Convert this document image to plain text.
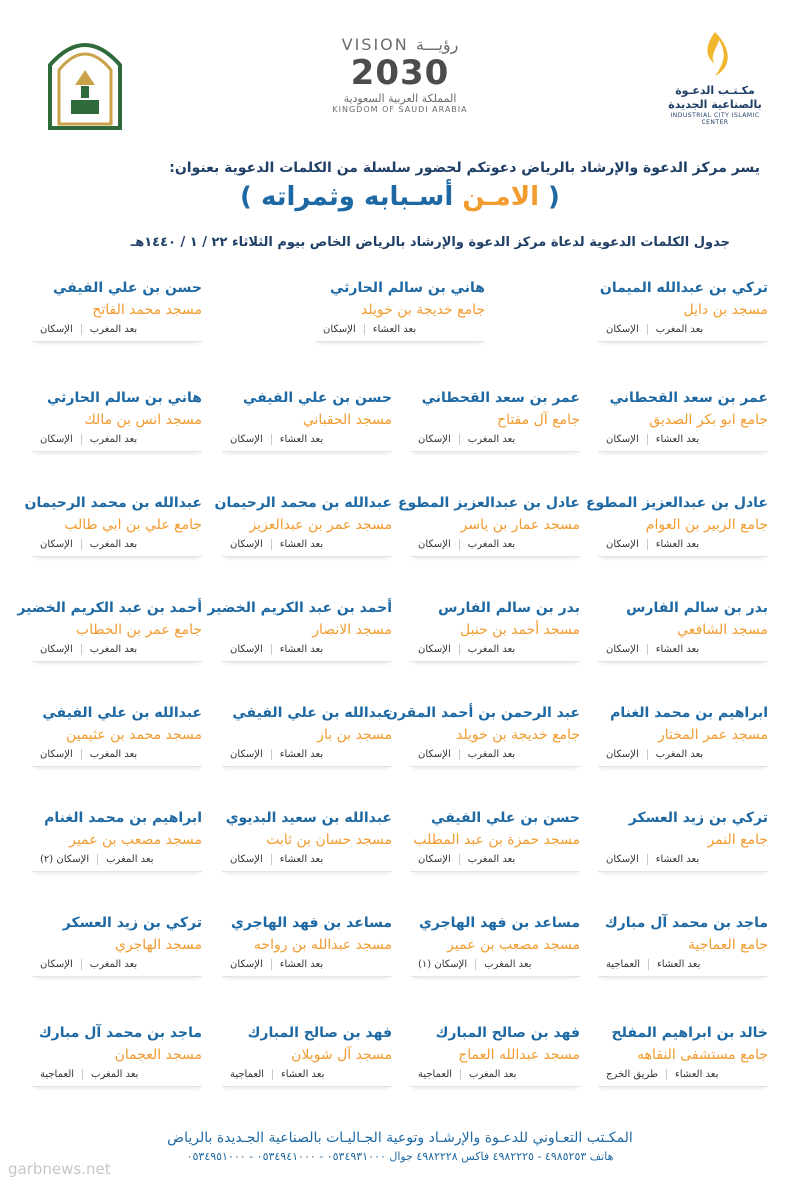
VISION رؤيـــة
2030
المملكة العربية السعودية
KINGDOM OF SAUDI ARABIA
مكـتـب الدعـوة
بالصناعية الجديدة
INDUSTRIAL CITY ISLAMIC CENTER
يسر مركز الدعوة والإرشاد بالرياض دعوتكم لحضور سلسلة من الكلمات الدعوية بعنوان:
( الامـن أسـبابه وثمراته )
جدول الكلمات الدعوية لدعاة مركز الدعوة والإرشاد بالرياض الخاص بيوم الثلاثاء ٢٢ / ١ / ١٤٤٠هـ
حسن بن علي الفيفي
مسجد محمد الفاتح
بعد المغرب
الإسكان
هاني بن سالم الحارثي
جامع خديجة بن خويلد
بعد العشاء
الإسكان
تركي بن عبدالله الميمان
مسجد بن دايل
بعد المغرب
الإسكان
هاني بن سالم الحارثي
مسجد انس بن مالك
بعد المغرب
الإسكان
حسن بن علي الفيفي
مسجد الحقباني
بعد العشاء
الإسكان
عمر بن سعد القحطاني
جامع آل مفتاح
بعد المغرب
الإسكان
عمر بن سعد القحطاني
جامع ابو بكر الصديق
بعد العشاء
الإسكان
عبدالله بن محمد الرحيمان
جامع علي بن ابي طالب
بعد المغرب
الإسكان
عبدالله بن محمد الرحيمان
مسجد عمر بن عبدالعزيز
بعد العشاء
الإسكان
عادل بن عبدالعزيز المطوع
مسجد عمار بن ياسر
بعد المغرب
الإسكان
عادل بن عبدالعزيز المطوع
جامع الزبير بن العوام
بعد العشاء
الإسكان
أحمد بن عبد الكريم الخضير
جامع عمر بن الخطاب
بعد المغرب
الإسكان
أحمد بن عبد الكريم الخضير
مسجد الانصار
بعد العشاء
الإسكان
بدر بن سالم الفارس
مسجد أحمد بن حنبل
بعد المغرب
الإسكان
بدر بن سالم الفارس
مسجد الشافعي
بعد العشاء
الإسكان
عبدالله بن علي الفيفي
مسجد محمد بن عثيمين
بعد المغرب
الإسكان
عبدالله بن علي الفيفي
مسجد بن باز
بعد العشاء
الإسكان
عبد الرحمن بن أحمد المقرن
جامع خديجة بن خويلد
بعد المغرب
الإسكان
ابراهيم بن محمد الغنام
مسجد عمر المختار
بعد المغرب
الإسكان
ابراهيم بن محمد الغنام
مسجد مصعب بن عمير
بعد المغرب
الإسكان (٢)
عبدالله بن سعيد البديوي
مسجد حسان بن ثابت
بعد العشاء
الإسكان
حسن بن علي الفيفي
مسجد حمزة بن عبد المطلب
بعد المغرب
الإسكان
تركي بن زيد العسكر
جامع النمر
بعد العشاء
الإسكان
تركي بن زيد العسكر
مسجد الهاجري
بعد المغرب
الإسكان
مساعد بن فهد الهاجري
مسجد عبدالله بن رواحه
بعد العشاء
الإسكان
مساعد بن فهد الهاجري
مسجد مصعب بن عمير
بعد المغرب
الإسكان (١)
ماجد بن محمد آل مبارك
جامع العماجية
بعد العشاء
العماجية
ماجد بن محمد آل مبارك
مسجد العجمان
بعد المغرب
العماجية
فهد بن صالح المبارك
مسجد آل شويلان
بعد العشاء
العماجية
فهد بن صالح المبارك
مسجد عبدالله العماج
بعد المغرب
العماجية
خالد بن ابراهيم المفلح
جامع مستشفى النقاهه
بعد العشاء
طريق الخرج
المكـتب التعـاوني للدعـوة والإرشـاد وتوعية الجـاليـات بالصناعية الجـديدة بالرياض
هاتف ٤٩٨٥٢٥٣ - ٤٩٨٢٢٢٥ فاكس ٤٩٨٢٢٢٨ جوال ٠٥٣٤٩٣١٠٠٠ - ٠٥٣٤٩٤١٠٠٠ - ٠٥٣٤٩٥١٠٠٠
garbnews.net
